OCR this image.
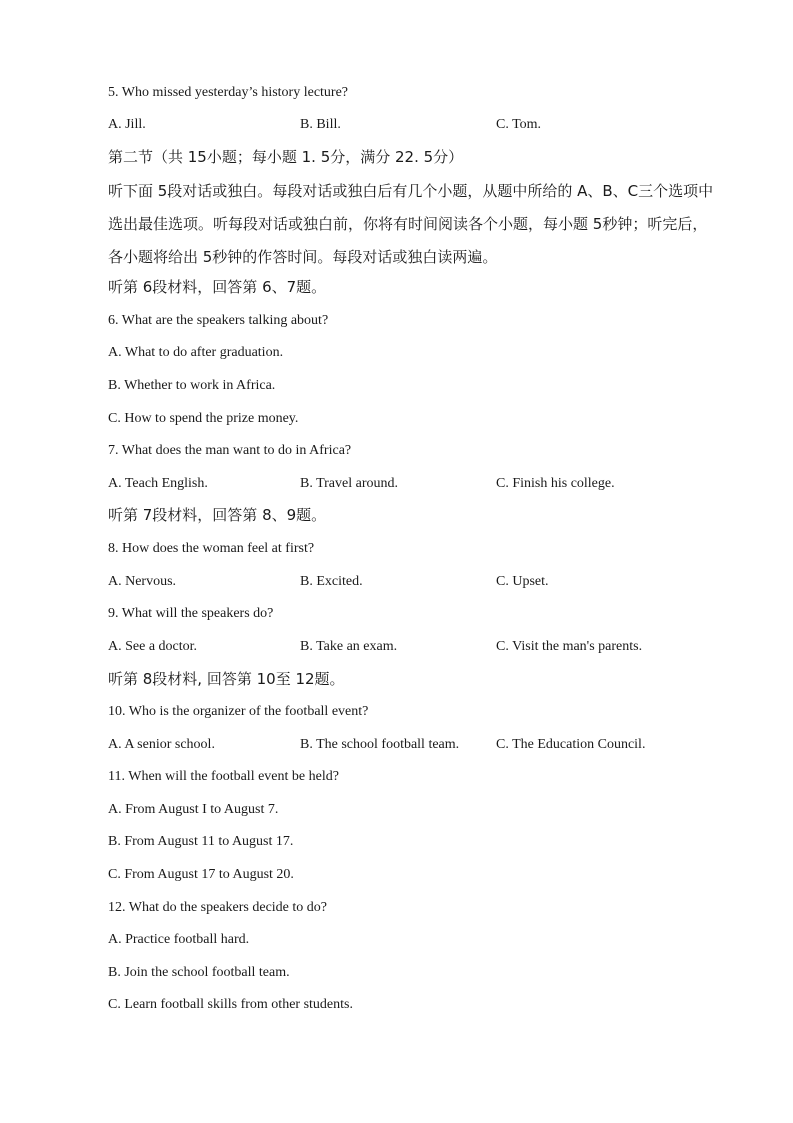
5. Who missed yesterday’s history lecture?
A. Jill.	B. Bill.	C. Tom.
第二节（共 15小题；每小题 1. 5分，满分 22. 5分）
听下面 5段对话或独白。每段对话或独白后有几个小题，从题中所给的 A、B、C三个选项中选出最佳选项。听每段对话或独白前，你将有时间阅读各个小题，每小题 5秒钟；听完后，各小题将给出 5秒钟的作答时间。每段对话或独白读两遍。
听第 6段材料，回答第 6、7题。
6. What are the speakers talking about?
A. What to do after graduation.
B. Whether to work in Africa.
C. How to spend the prize money.
7. What does the man want to do in Africa?
A. Teach English.	B. Travel around.	C. Finish his college.
听第 7段材料，回答第 8、9题。
8. How does the woman feel at first?
A. Nervous.	B. Excited.	C. Upset.
9. What will the speakers do?
A. See a doctor.	B. Take an exam.	C. Visit the man's parents.
听第 8段材料, 回答第 10至 12题。
10. Who is the organizer of the football event?
A. A senior school.	B. The school football team.	C. The Education Council.
11. When will the football event be held?
A. From August I to August 7.
B. From August 11 to August 17.
C. From August 17 to August 20.
12. What do the speakers decide to do?
A. Practice football hard.
B. Join the school football team.
C. Learn football skills from other students.
